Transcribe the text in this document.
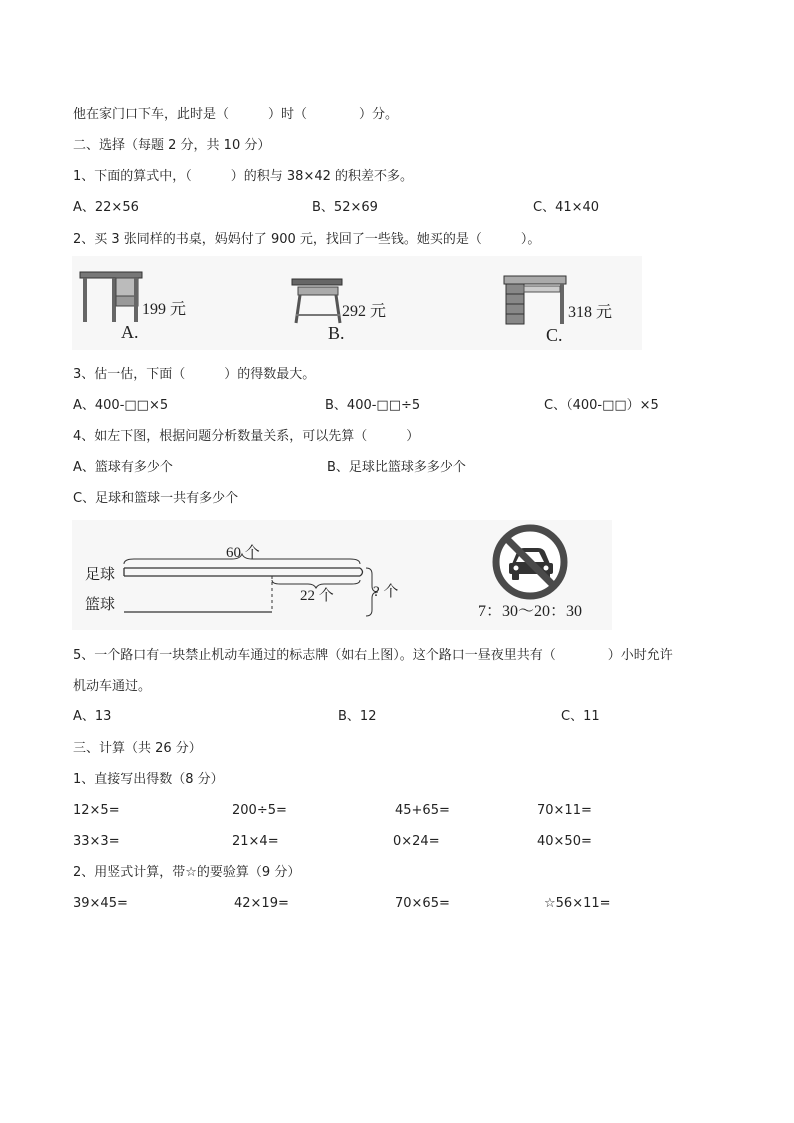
他在家门口下车，此时是（　　　）时（　　　　）分。
二、选择（每题 2 分，共 10 分）
1、下面的算式中，（　　　）的积与 38×42 的积差不多。
A、22×56	B、52×69	C、41×40
2、买 3 张同样的书桌，妈妈付了 900 元，找回了一些钱。她买的是（　　　）。
199 元
A.
292 元
B.
318 元
C.
3、估一估，下面（　　　）的得数最大。
A、400-□□×5	B、400-□□÷5	C、（400-□□）×5
4、如左下图，根据问题分析数量关系，可以先算（　　　）
A、篮球有多少个	B、足球比篮球多多少个
C、足球和篮球一共有多少个
足球
篮球
60 个
22 个	? 个
7：30～20：30
5、一个路口有一块禁止机动车通过的标志牌（如右上图）。这个路口一昼夜里共有（　　　　）小时允许
机动车通过。
A、13	B、12	C、11
三、计算（共 26 分）
1、直接写出得数（8 分）
12×5=	200÷5=	45+65=	70×11=
33×3=	21×4=	0×24=	40×50=
2、用竖式计算，带☆的要验算（9 分）
39×45=	42×19=	70×65=	☆56×11=
